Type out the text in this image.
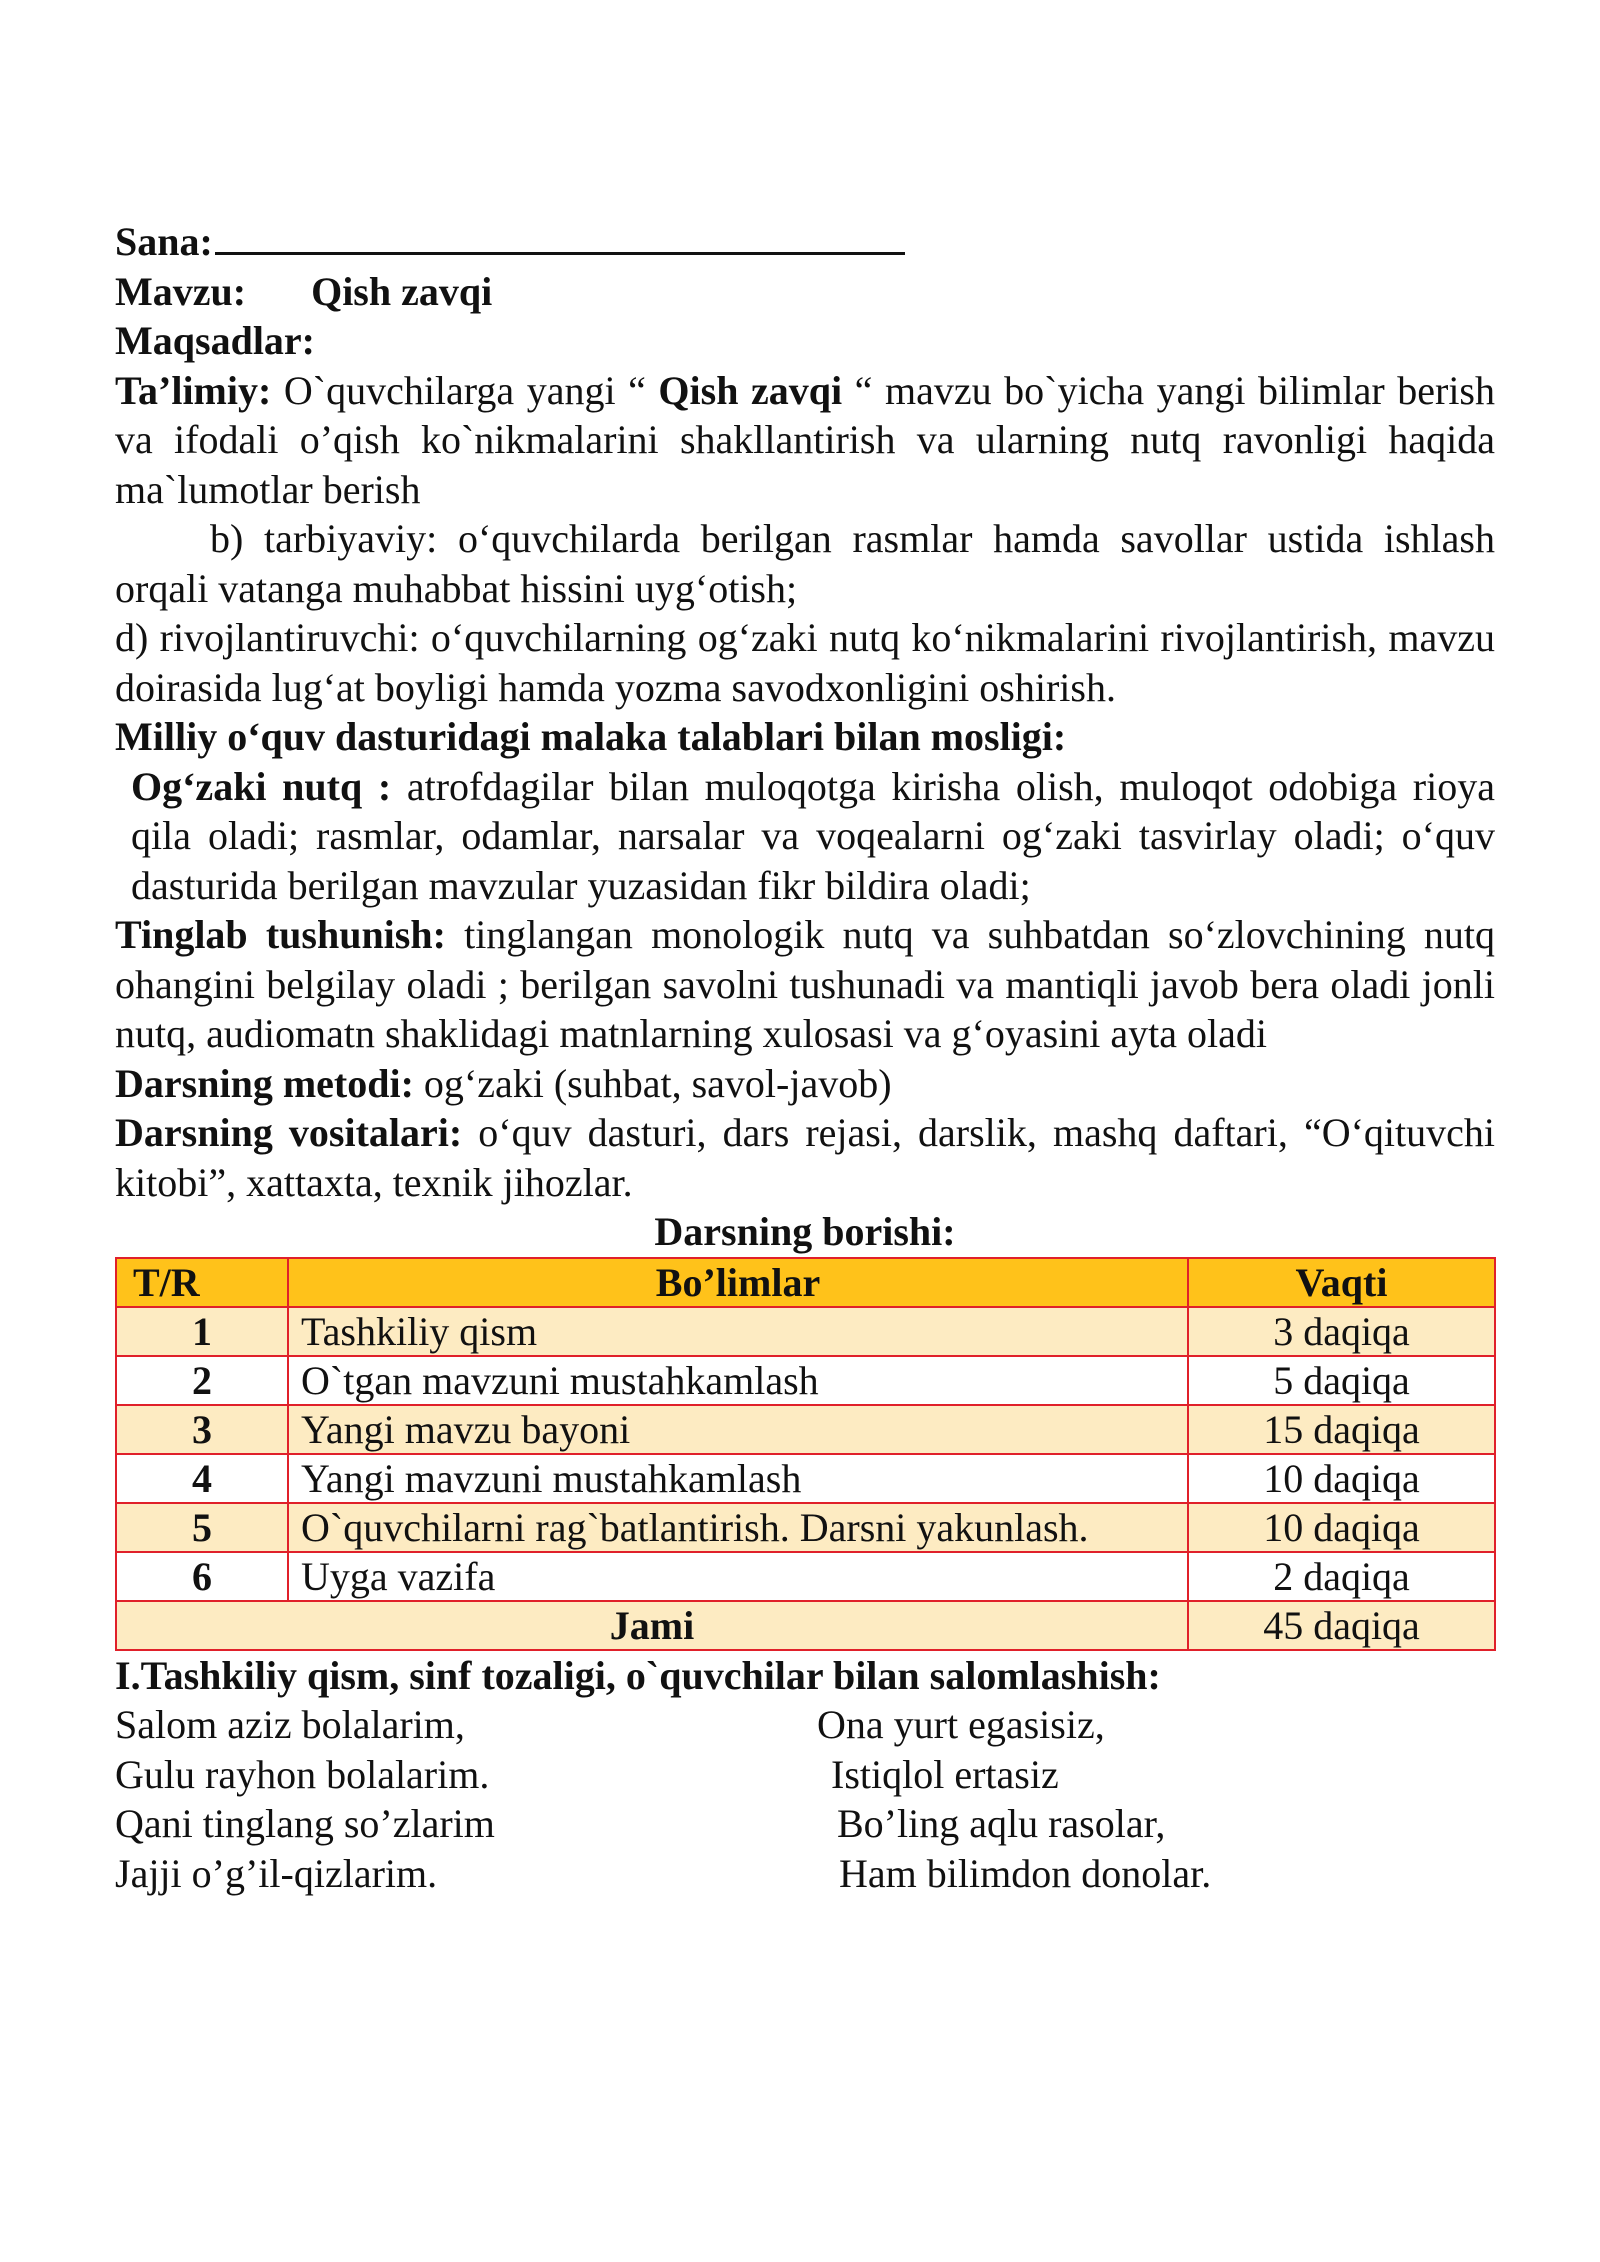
Sana:

Mavzu: Qish zavqi

Maqsadlar:

Ta’limiy: O`quvchilarga yangi “ Qish zavqi “ mavzu bo`yicha yangi bilimlar berish va ifodali o’qish ko`nikmalarini shakllantirish va ularning nutq ravonligi haqida ma`lumotlar berish

b) tarbiyaviy: o‘quvchilarda berilgan rasmlar hamda savollar ustida ishlash orqali vatanga muhabbat hissini uyg‘otish;

d) rivojlantiruvchi: o‘quvchilarning og‘zaki nutq ko‘nikmalarini rivojlantirish, mavzu doirasida lug‘at boyligi hamda yozma savodxonligini oshirish.

Milliy o‘quv dasturidagi malaka talablari bilan mosligi:

Og‘zaki nutq : atrofdagilar bilan muloqotga kirisha olish, muloqot odobiga rioya qila oladi; rasmlar, odamlar, narsalar va voqealarni og‘zaki tasvirlay oladi; o‘quv dasturida berilgan mavzular yuzasidan fikr bildira oladi;

Tinglab tushunish: tinglangan monologik nutq va suhbatdan so‘zlovchining nutq ohangini belgilay oladi ; berilgan savolni tushunadi va mantiqli javob bera oladi jonli nutq, audiomatn shaklidagi matnlarning xulosasi va g‘oyasini ayta oladi

Darsning metodi: og‘zaki (suhbat, savol-javob)

Darsning vositalari: o‘quv dasturi, dars rejasi, darslik, mashq daftari, “O‘qituvchi kitobi”, xattaxta, texnik jihozlar.

Darsning borishi:

T/R	Bo’limlar	Vaqti
1	Tashkiliy qism	3 daqiqa
2	O`tgan mavzuni mustahkamlash	5 daqiqa
3	Yangi mavzu bayoni	15 daqiqa
4	Yangi mavzuni mustahkamlash	10 daqiqa
5	O`quvchilarni rag`batlantirish. Darsni yakunlash.	10 daqiqa
6	Uyga vazifa	2 daqiqa
Jami		45 daqiqa

I.Tashkiliy qism, sinf tozaligi, o`quvchilar bilan salomlashish:

Salom aziz bolalarim,
Gulu rayhon bolalarim.
Qani tinglang so’zlarim
Jajji o’g’il-qizlarim.
Ona yurt egasisiz,
Istiqlol ertasiz
Bo’ling aqlu rasolar,
Ham bilimdon donolar.
